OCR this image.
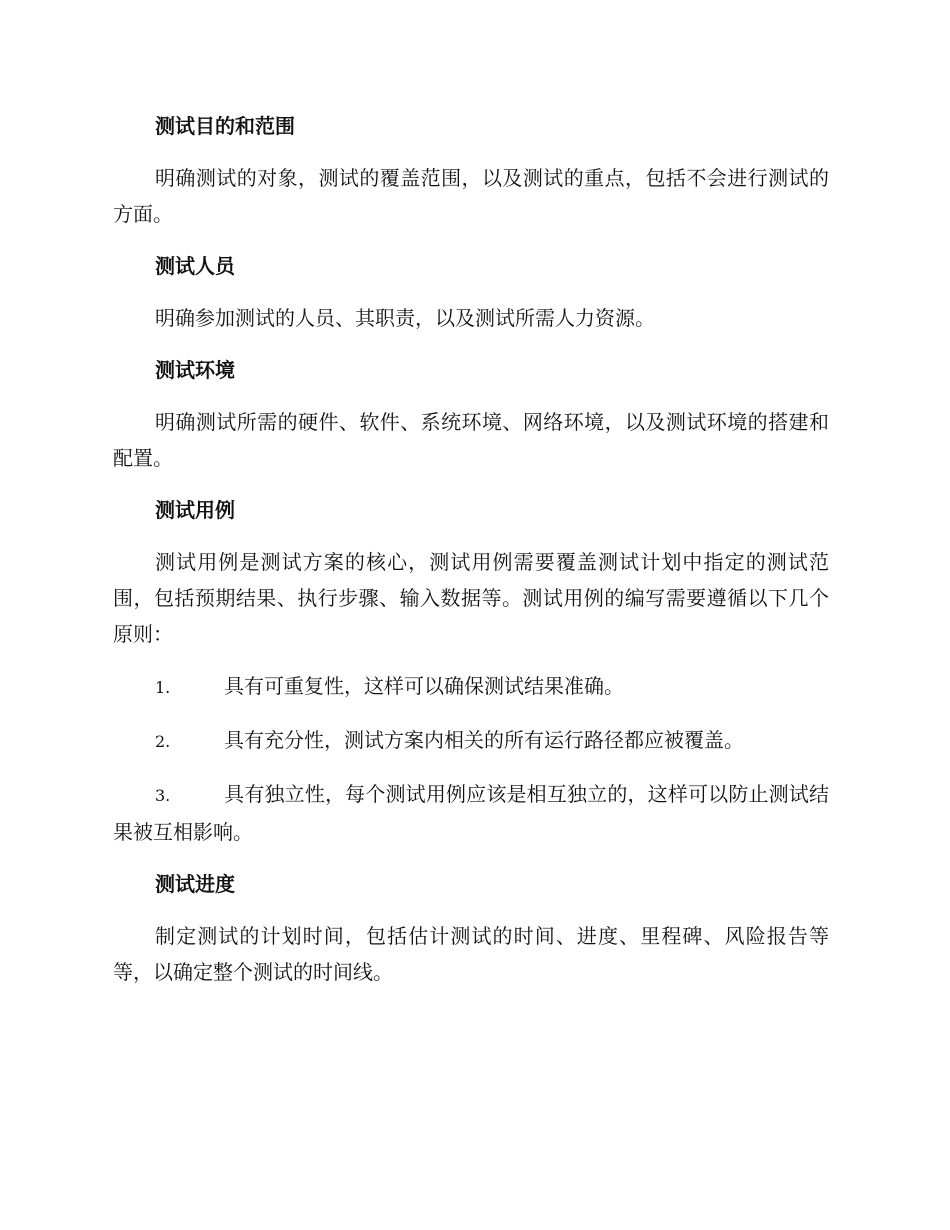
测试目的和范围
明确测试的对象，测试的覆盖范围，以及测试的重点，包括不会进行测试的方面。
测试人员
明确参加测试的人员、其职责，以及测试所需人力资源。
测试环境
明确测试所需的硬件、软件、系统环境、网络环境，以及测试环境的搭建和配置。
测试用例
测试用例是测试方案的核心，测试用例需要覆盖测试计划中指定的测试范围，包括预期结果、执行步骤、输入数据等。测试用例的编写需要遵循以下几个原则：
1.	具有可重复性，这样可以确保测试结果准确。
2.	具有充分性，测试方案内相关的所有运行路径都应被覆盖。
3.	具有独立性，每个测试用例应该是相互独立的，这样可以防止测试结果被互相影响。
测试进度
制定测试的计划时间，包括估计测试的时间、进度、里程碑、风险报告等等，以确定整个测试的时间线。
